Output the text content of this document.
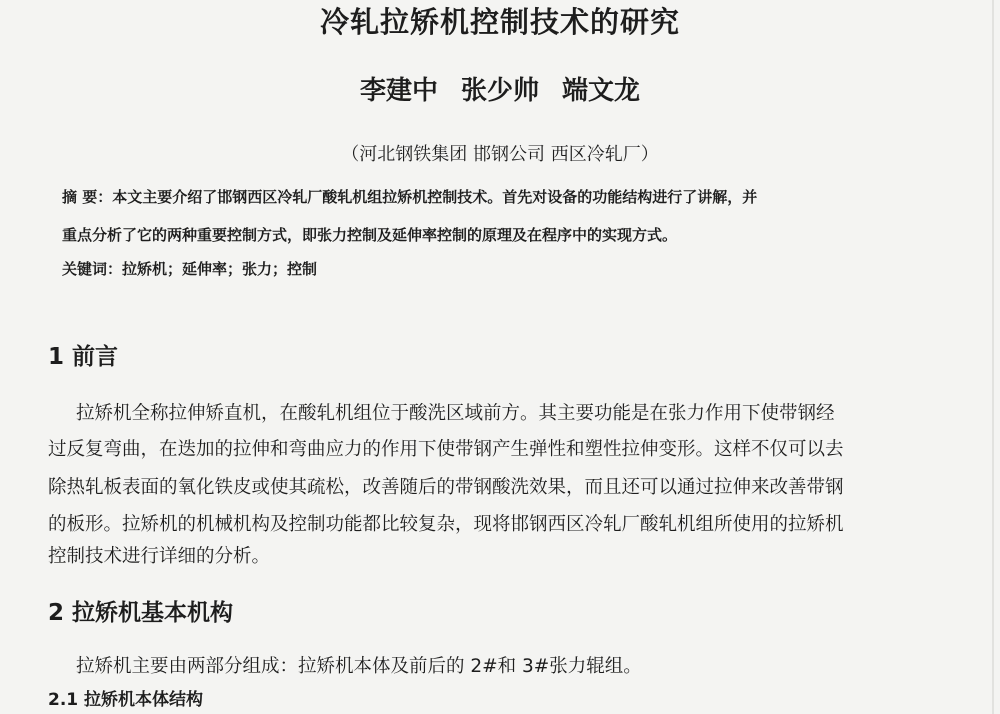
冷轧拉矫机控制技术的研究
李建中 张少帅 端文龙
（河北钢铁集团 邯钢公司 西区冷轧厂）
摘 要：本文主要介绍了邯钢西区冷轧厂酸轧机组拉矫机控制技术。首先对设备的功能结构进行了讲解，并
重点分析了它的两种重要控制方式，即张力控制及延伸率控制的原理及在程序中的实现方式。
关键词：拉矫机；延伸率；张力；控制
1 前言
拉矫机全称拉伸矫直机，在酸轧机组位于酸洗区域前方。其主要功能是在张力作用下使带钢经
过反复弯曲，在迭加的拉伸和弯曲应力的作用下使带钢产生弹性和塑性拉伸变形。这样不仅可以去
除热轧板表面的氧化铁皮或使其疏松，改善随后的带钢酸洗效果，而且还可以通过拉伸来改善带钢
的板形。拉矫机的机械机构及控制功能都比较复杂，现将邯钢西区冷轧厂酸轧机组所使用的拉矫机
控制技术进行详细的分析。
2 拉矫机基本机构
拉矫机主要由两部分组成：拉矫机本体及前后的 2#和 3#张力辊组。
2.1 拉矫机本体结构
